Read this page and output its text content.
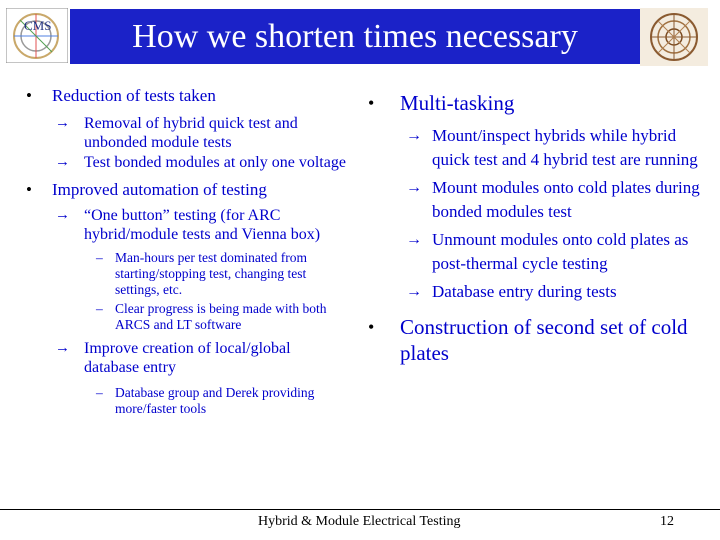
CMS	How we shorten times necessary
• Reduction of tests taken
→ Removal of hybrid quick test and unbonded module tests
→ Test bonded modules at only one voltage
• Improved automation of testing
→ “One button” testing (for ARC hybrid/module tests and Vienna box)
– Man-hours per test dominated from starting/stopping test, changing test settings, etc.
– Clear progress is being made with both ARCS and LT software
→ Improve creation of local/global database entry
– Database group and Derek providing more/faster tools
• Multi-tasking
→ Mount/inspect hybrids while hybrid quick test and 4 hybrid test are running
→ Mount modules onto cold plates during bonded modules test
→ Unmount modules onto cold plates as post-thermal cycle testing
→ Database entry during tests
• Construction of second set of cold plates
Hybrid & Module Electrical Testing	12
